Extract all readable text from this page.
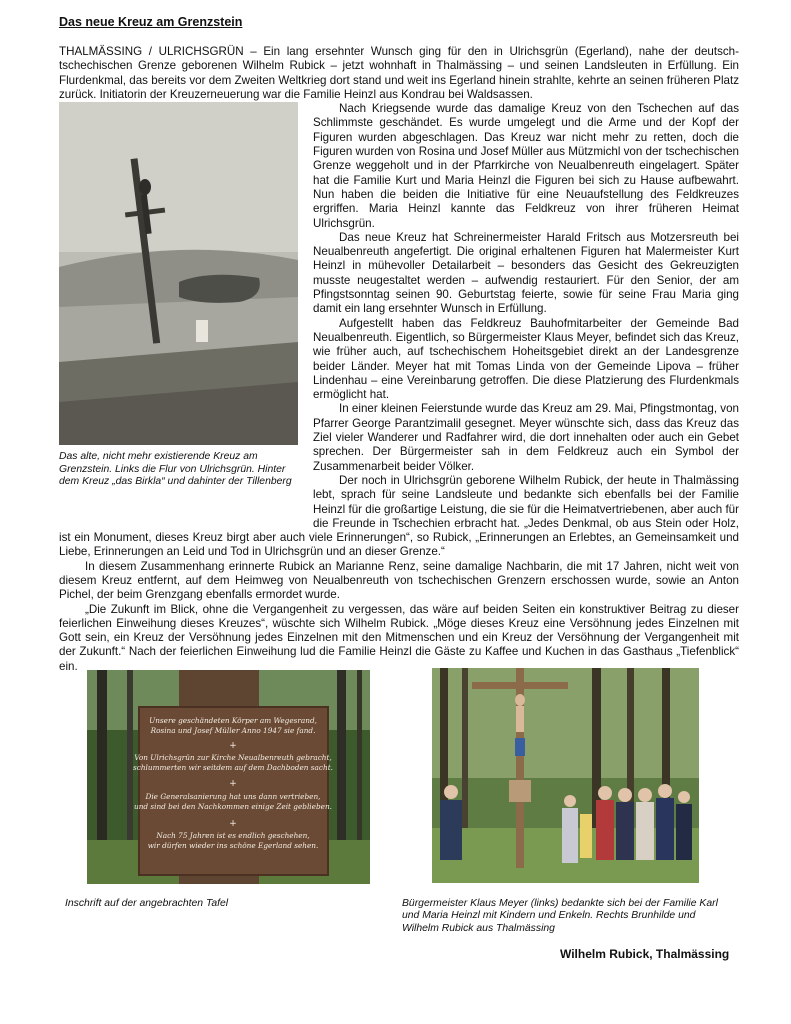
Das neue Kreuz am Grenzstein

THALMÄSSING / ULRICHSGRÜN – Ein lang ersehnter Wunsch ging für den in Ulrichsgrün (Egerland), nahe der deutsch-tschechischen Grenze geborenen Wilhelm Rubick – jetzt wohnhaft in Thalmässing – und seinen Landsleuten in Erfüllung. Ein Flurdenkmal, das bereits vor dem Zweiten Weltkrieg dort stand und weit ins Egerland hinein strahlte, kehrte an seinen früheren Platz zurück. Initiatorin der Kreuzerneuerung war die Familie Heinzl aus Kondrau bei Waldsassen.

Das alte, nicht mehr existierende Kreuz am Grenzstein. Links die Flur von Ulrichsgrün. Hinter dem Kreuz „das Birkla“ und dahinter der Tillenberg

Nach Kriegsende wurde das damalige Kreuz von den Tschechen auf das Schlimmste geschändet. Es wurde umgelegt und die Arme und der Kopf der Figuren wurden abgeschlagen. Das Kreuz war nicht mehr zu retten, doch die Figuren wurden von Rosina und Josef Müller aus Mützmichl von der tschechischen Grenze weggeholt und in der Pfarrkirche von Neualbenreuth eingelagert. Später hat die Familie Kurt und Maria Heinzl die Figuren bei sich zu Hause aufbewahrt. Nun haben die beiden die Initiative für eine Neuaufstellung des Feldkreuzes ergriffen. Maria Heinzl kannte das Feldkreuz von ihrer früheren Heimat Ulrichsgrün.

Das neue Kreuz hat Schreinermeister Harald Fritsch aus Motzersreuth bei Neualbenreuth angefertigt. Die original erhaltenen Figuren hat Malermeister Kurt Heinzl in mühevoller Detailarbeit – besonders das Gesicht des Gekreuzigten musste neugestaltet werden – aufwendig restauriert. Für den Senior, der am Pfingstsonntag seinen 90. Geburtstag feierte, sowie für seine Frau Maria ging damit ein lang ersehnter Wunsch in Erfüllung.

Aufgestellt haben das Feldkreuz Bauhofmitarbeiter der Gemeinde Bad Neualbenreuth. Eigentlich, so Bürgermeister Klaus Meyer, befindet sich das Kreuz, wie früher auch, auf tschechischem Hoheitsgebiet direkt an der Landesgrenze beider Länder. Meyer hat mit Tomas Linda von der Gemeinde Lipova – früher Lindenhau – eine Vereinbarung getroffen. Die diese Platzierung des Flurdenkmals ermöglicht hat.

In einer kleinen Feierstunde wurde das Kreuz am 29. Mai, Pfingstmontag, von Pfarrer George Parantzimalil gesegnet. Meyer wünschte sich, dass das Kreuz das Ziel vieler Wanderer und Radfahrer wird, die dort innehalten oder auch ein Gebet sprechen. Der Bürgermeister sah in dem Feldkreuz auch ein Symbol der Zusammenarbeit beider Völker.

Der noch in Ulrichsgrün geborene Wilhelm Rubick, der heute in Thalmässing lebt, sprach für seine Landsleute und bedankte sich ebenfalls bei der Familie Heinzl für die großartige Leistung, die sie für die Heimatvertriebenen, aber auch für die Freunde in Tschechien erbracht hat. „Jedes Denkmal, ob aus Stein oder Holz, ist ein Monument, dieses Kreuz birgt aber auch viele Erinnerungen“, so Rubick, „Erinnerungen an Erlebtes, an Gemeinsamkeit und Liebe, Erinnerungen an Leid und Tod in Ulrichsgrün und an dieser Grenze.“

In diesem Zusammenhang erinnerte Rubick an Marianne Renz, seine damalige Nachbarin, die mit 17 Jahren, nicht weit von diesem Kreuz entfernt, auf dem Heimweg von Neualbenreuth von tschechischen Grenzern erschossen wurde, sowie an Anton Pichel, der beim Grenzgang ebenfalls ermordet wurde.

„Die Zukunft im Blick, ohne die Vergangenheit zu vergessen, das wäre auf beiden Seiten ein konstruktiver Beitrag zu dieser feierlichen Einweihung dieses Kreuzes“, wüschte sich Wilhelm Rubick. „Möge dieses Kreuz eine Versöhnung jedes Einzelnen mit Gott sein, ein Kreuz der Versöhnung jedes Einzelnen mit den Mitmenschen und ein Kreuz der Versöhnung der Vergangenheit mit der Zukunft.“ Nach der feierlichen Einweihung lud die Familie Heinzl die Gäste zu Kaffee und Kuchen in das Gasthaus „Tiefenblick“ ein.

Unsere geschändeten Körper am Wegesrand,
Rosina und Josef Müller Anno 1947 sie fand.
+
Von Ulrichsgrün zur Kirche Neualbenreuth gebracht,
schlummerten wir seitdem auf dem Dachboden sacht.
+
Die Generalsanierung hat uns dann vertrieben,
und sind bei den Nachkommen einige Zeit geblieben.
+
Nach 75 Jahren ist es endlich geschehen,
wir dürfen wieder ins schöne Egerland sehen.
Inschrift auf der angebrachten Tafel	Bürgermeister Klaus Meyer (links) bedankte sich bei der Familie Karl und Maria Heinzl mit Kindern und Enkeln. Rechts Brunhilde und Wilhelm Rubick aus Thalmässing
Wilhelm Rubick, Thalmässing
